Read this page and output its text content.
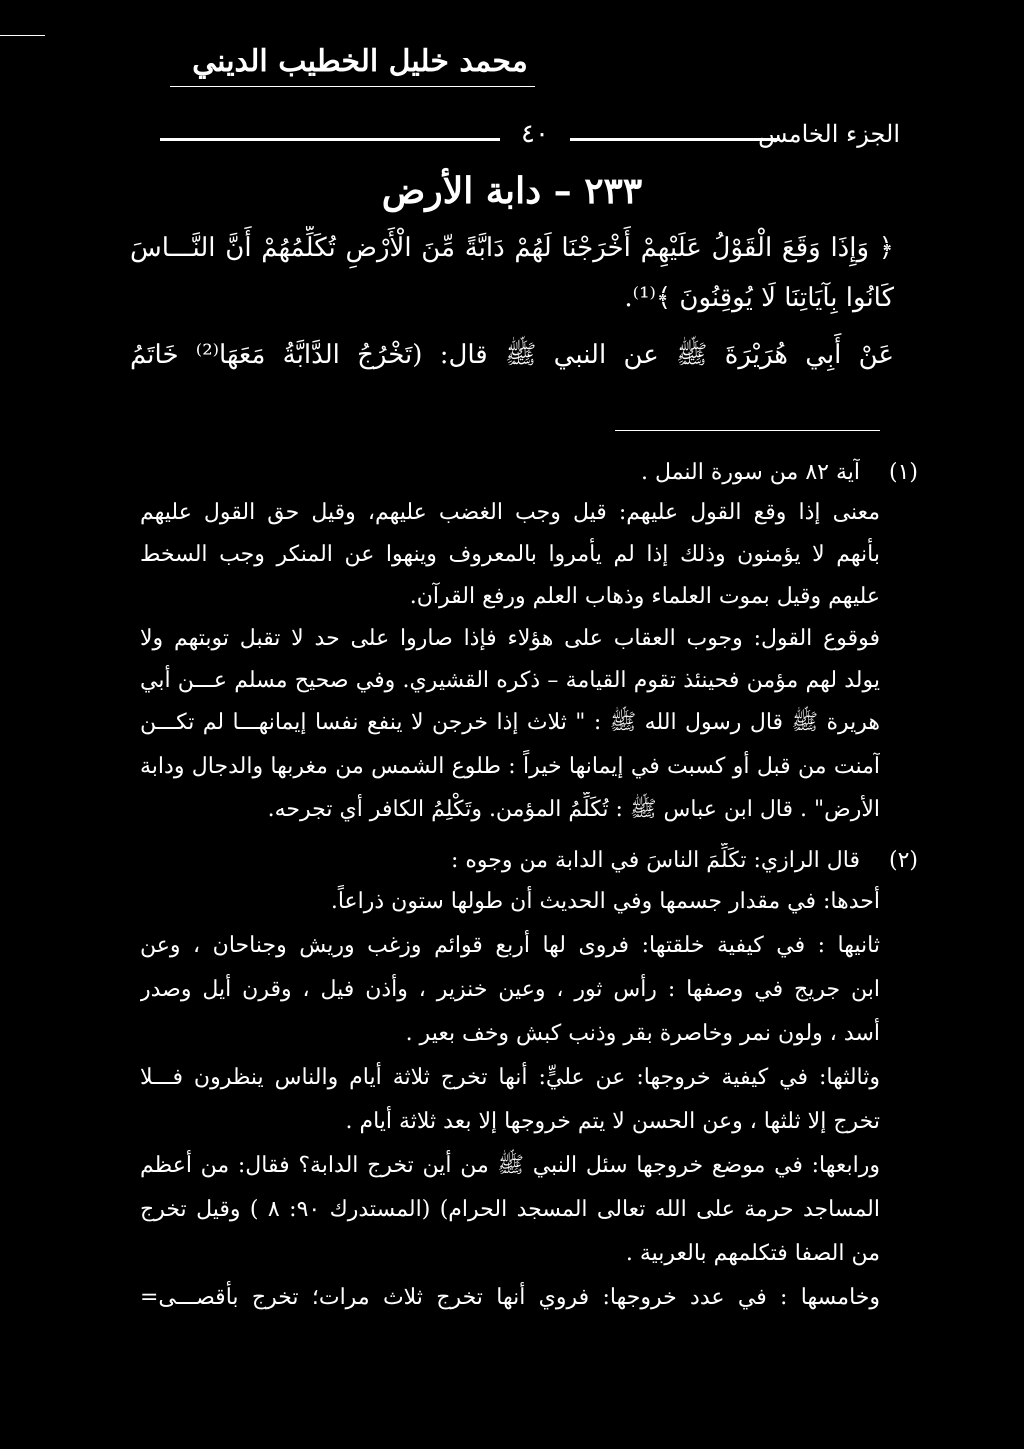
محمد خليل الخطيب الديني
٤٠	الجزء الخامس
٢٣٣ – دابة الأرض
﴿ وَإِذَا وَقَعَ الْقَوْلُ عَلَيْهِمْ أَخْرَجْنَا لَهُمْ دَابَّةً مِّنَ الْأَرْضِ تُكَلِّمُهُمْ أَنَّ النَّـــاسَ
كَانُوا بِآيَاتِنَا لَا يُوقِنُونَ ﴾⁽¹⁾.
عَنْ أَبِي هُرَيْرَةَ ﷺ عن النبي ﷺ قال: (تَخْرُجُ الدَّابَّةُ مَعَهَا⁽²⁾ خَاتَمُ
(١)
آية ٨٢ من سورة النمل .
معنى إذا وقع القول عليهم: قيل وجب الغضب عليهم، وقيل حق القول عليهم
بأنهم لا يؤمنون وذلك إذا لم يأمروا بالمعروف وينهوا عن المنكر وجب السخط
عليهم وقيل بموت العلماء وذهاب العلم ورفع القرآن.
فوقوع القول: وجوب العقاب على هؤلاء فإذا صاروا على حد لا تقبل توبتهم ولا
يولد لهم مؤمن فحينئذ تقوم القيامة – ذكره القشيري. وفي صحيح مسلم عـــن أبي
هريرة ﷺ قال رسول الله ﷺ : " ثلاث إذا خرجن لا ينفع نفسا إيمانهـــا لم تكـــن
آمنت من قبل أو كسبت في إيمانها خيراً : طلوع الشمس من مغربها والدجال ودابة
الأرض" . قال ابن عباس ﷺ : تُكَلِّمُ المؤمن. وتَكْلِمُ الكافر أي تجرحه.
(٢)
قال الرازي: تكَلِّمَ الناسَ في الدابة من وجوه :
أحدها: في مقدار جسمها وفي الحديث أن طولها ستون ذراعاً.
ثانيها : في كيفية خلقتها: فروى لها أربع قوائم وزغب وريش وجناحان ، وعن
ابن جريج في وصفها : رأس ثور ، وعين خنزير ، وأذن فيل ، وقرن أيل وصدر
أسد ، ولون نمر وخاصرة بقر وذنب كبش وخف بعير .
وثالثها: في كيفية خروجها: عن عليٍّ: أنها تخرج ثلاثة أيام والناس ينظرون فـــلا
تخرج إلا ثلثها ، وعن الحسن لا يتم خروجها إلا بعد ثلاثة أيام .
ورابعها: في موضع خروجها سئل النبي ﷺ من أين تخرج الدابة؟ فقال: من أعظم
المساجد حرمة على الله تعالى المسجد الحرام) (المستدرك ٩٠: ٨ ) وقيل تخرج
من الصفا فتكلمهم بالعربية .
وخامسها : في عدد خروجها: فروي أنها تخرج ثلاث مرات؛ تخرج بأقصـــى=
